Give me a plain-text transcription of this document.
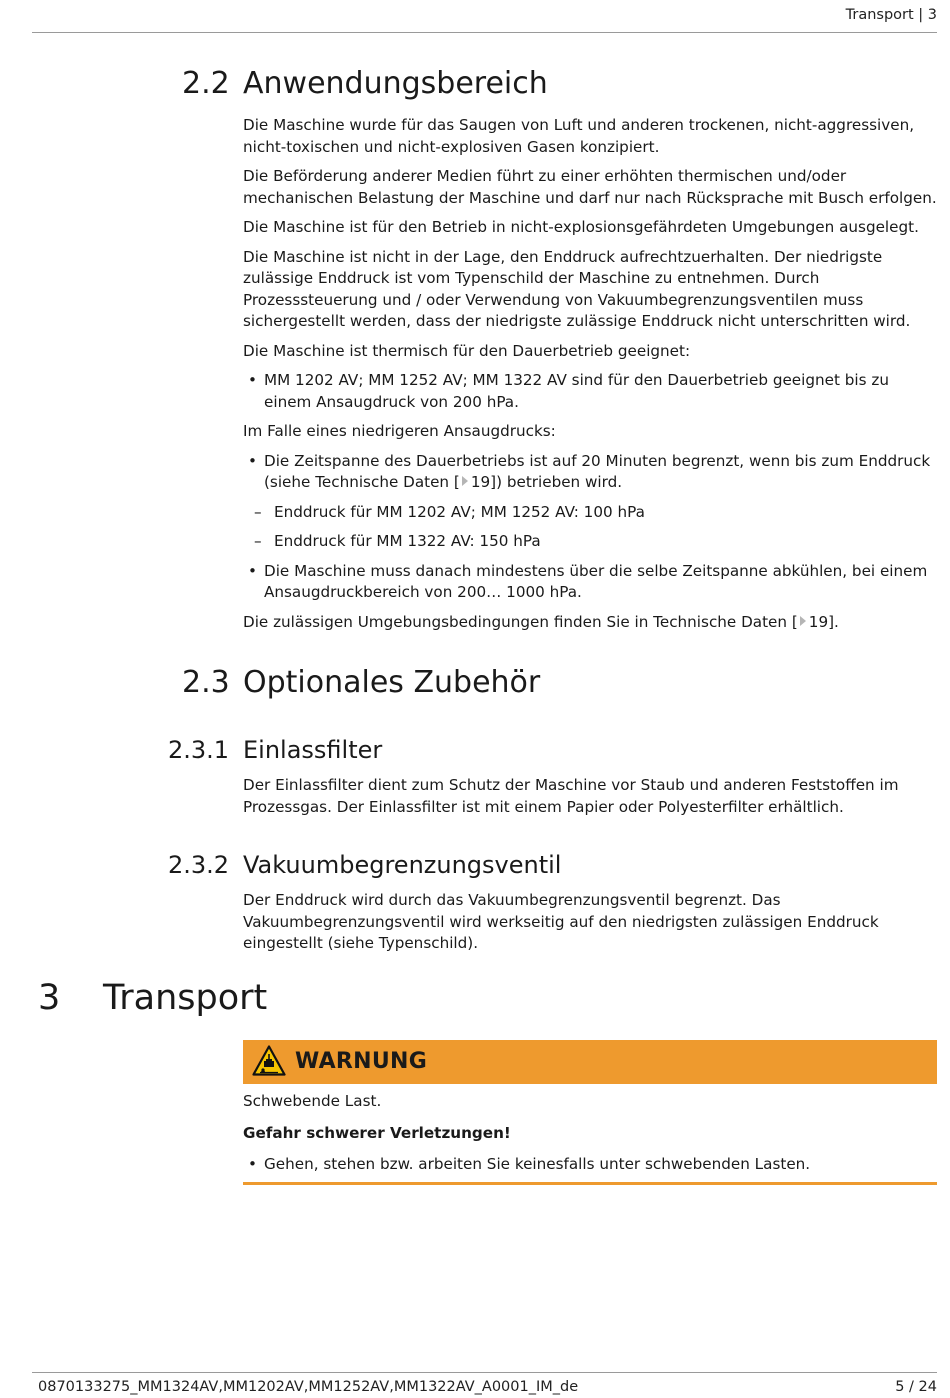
Transport | 3
2.2 Anwendungsbereich

Die Maschine wurde für das Saugen von Luft und anderen trockenen, nicht-aggressiven, nicht-toxischen und nicht-explosiven Gasen konzipiert.

Die Beförderung anderer Medien führt zu einer erhöhten thermischen und/oder mechanischen Belastung der Maschine und darf nur nach Rücksprache mit Busch erfolgen.

Die Maschine ist für den Betrieb in nicht-explosionsgefährdeten Umgebungen ausgelegt.

Die Maschine ist nicht in der Lage, den Enddruck aufrechtzuerhalten. Der niedrigste zulässige Enddruck ist vom Typenschild der Maschine zu entnehmen. Durch Prozesssteuerung und / oder Verwendung von Vakuumbegrenzungsventilen muss sichergestellt werden, dass der niedrigste zulässige Enddruck nicht unterschritten wird.

Die Maschine ist thermisch für den Dauerbetrieb geeignet:

• MM 1202 AV; MM 1252 AV; MM 1322 AV sind für den Dauerbetrieb geeignet bis zu einem Ansaugdruck von 200 hPa.

Im Falle eines niedrigeren Ansaugdrucks:

• Die Zeitspanne des Dauerbetriebs ist auf 20 Minuten begrenzt, wenn bis zum Enddruck (siehe Technische Daten [ 19]) betrieben wird.

– Enddruck für MM 1202 AV; MM 1252 AV: 100 hPa

– Enddruck für MM 1322 AV: 150 hPa

• Die Maschine muss danach mindestens über die selbe Zeitspanne abkühlen, bei einem Ansaugdruckbereich von 200… 1000 hPa.

Die zulässigen Umgebungsbedingungen finden Sie in Technische Daten [ 19].

2.3 Optionales Zubehör
2.3.1 Einlassfilter

Der Einlassfilter dient zum Schutz der Maschine vor Staub und anderen Feststoffen im Prozessgas. Der Einlassfilter ist mit einem Papier oder Polyesterfilter erhältlich.

2.3.2 Vakuumbegrenzungsventil

Der Enddruck wird durch das Vakuumbegrenzungsventil begrenzt. Das Vakuumbegrenzungsventil wird werkseitig auf den niedrigsten zulässigen Enddruck eingestellt (siehe Typenschild).

3 Transport
WARNUNG

Schwebende Last.

Gefahr schwerer Verletzungen!

• Gehen, stehen bzw. arbeiten Sie keinesfalls unter schwebenden Lasten.

0870133275_MM1324AV,MM1202AV,MM1252AV,MM1322AV_A0001_IM_de	5 / 24
